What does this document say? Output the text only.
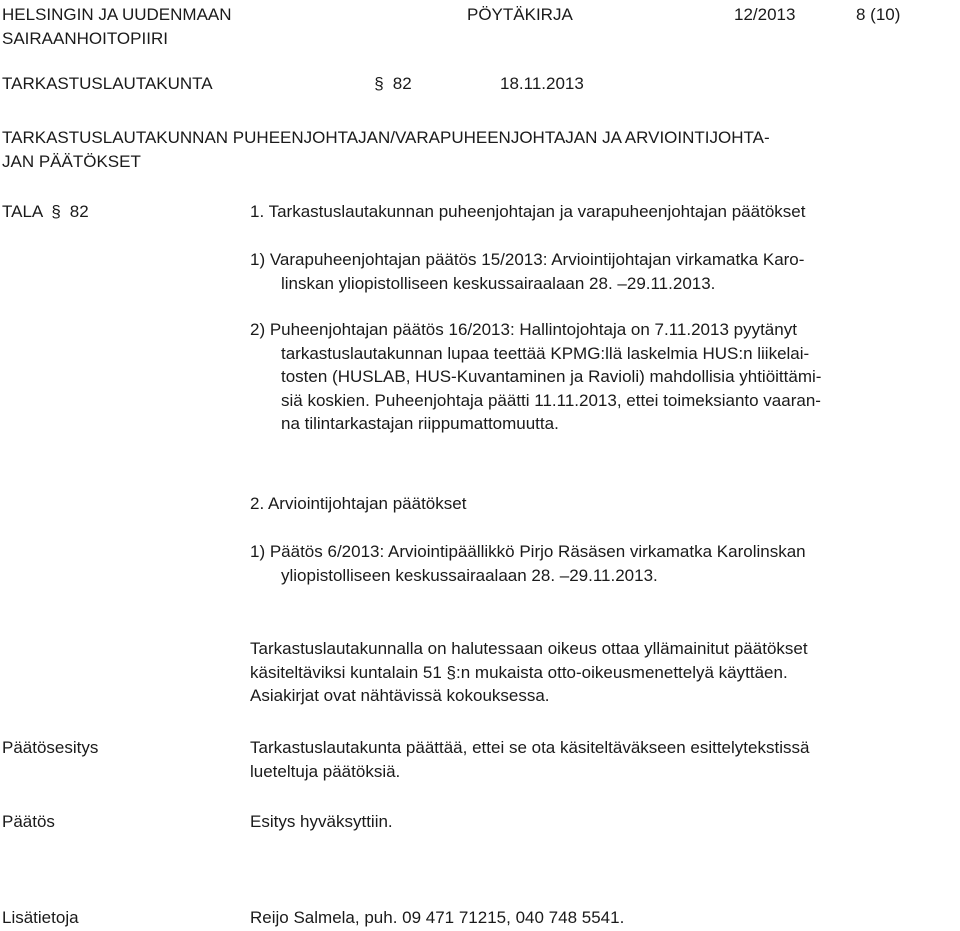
HELSINGIN JA UUDENMAAN
SAIRAANHOITOPIIRI
PÖYTÄKIRJA	12/2013	8 (10)
TARKASTUSLAUTAKUNTA	§ 82	18.11.2013
TARKASTUSLAUTAKUNNAN PUHEENJOHTAJAN/VARAPUHEENJOHTAJAN JA ARVIOINTIJOHTA-
JAN PÄÄTÖKSET
TALA § 82	1. Tarkastuslautakunnan puheenjohtajan ja varapuheenjohtajan päätökset
1) Varapuheenjohtajan päätös 15/2013: Arviointijohtajan virkamatka Karo-
linskan yliopistolliseen keskussairaalaan 28. –29.11.2013.
2) Puheenjohtajan päätös 16/2013: Hallintojohtaja on 7.11.2013 pyytänyt
tarkastuslautakunnan lupaa teettää KPMG:llä laskelmia HUS:n liikelai-
tosten (HUSLAB, HUS-Kuvantaminen ja Ravioli) mahdollisia yhtiöittämi-
siä koskien. Puheenjohtaja päätti 11.11.2013, ettei toimeksianto vaaran-
na tilintarkastajan riippumattomuutta.
2. Arviointijohtajan päätökset
1) Päätös 6/2013: Arviointipäällikkö Pirjo Räsäsen virkamatka Karolinskan
yliopistolliseen keskussairaalaan 28. –29.11.2013.
Tarkastuslautakunnalla on halutessaan oikeus ottaa yllämainitut päätökset
käsiteltäviksi kuntalain 51 §:n mukaista otto-oikeusmenettelyä käyttäen.
Asiakirjat ovat nähtävissä kokouksessa.
Päätösesitys	Tarkastuslautakunta päättää, ettei se ota käsiteltäväkseen esittelytekstissä
lueteltuja päätöksiä.
Päätös	Esitys hyväksyttiin.
Lisätietoja	Reijo Salmela, puh. 09 471 71215, 040 748 5541.
